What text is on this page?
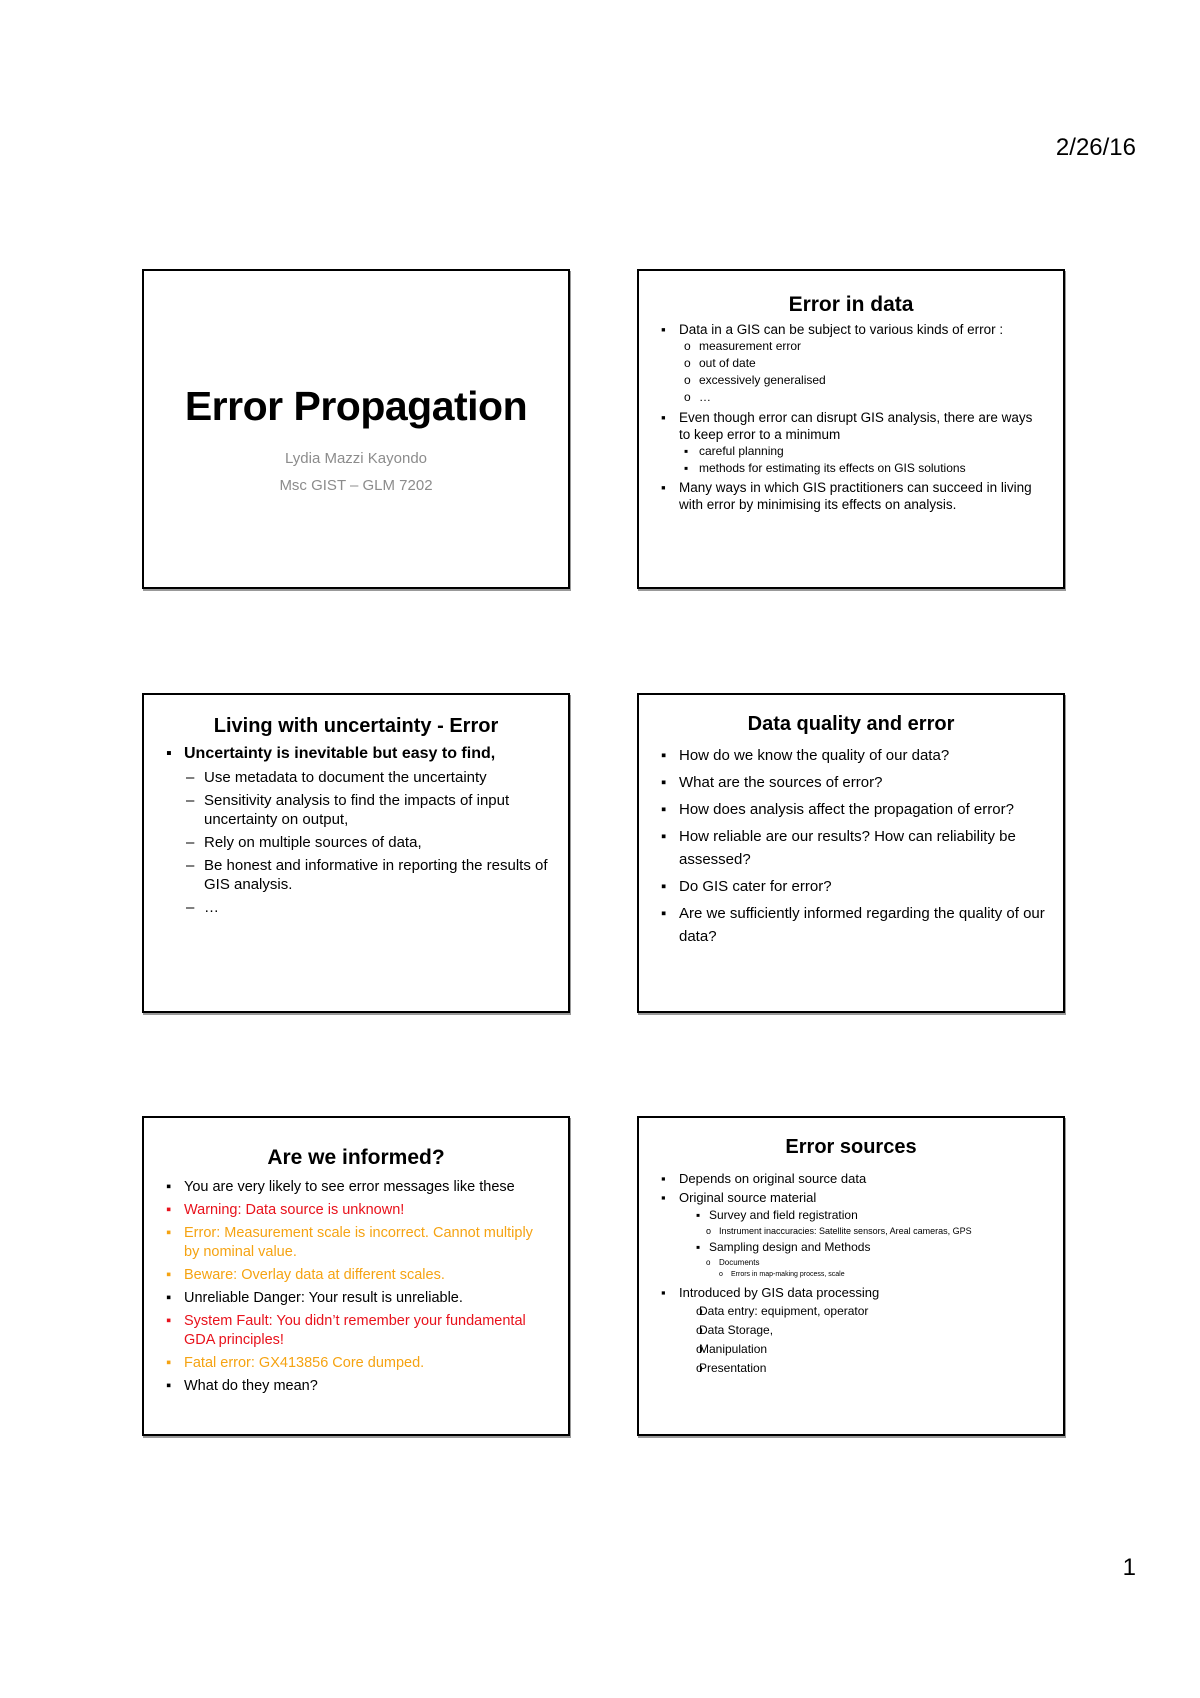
2/26/16
Error Propagation
Lydia Mazzi Kayondo
Msc GIST – GLM 7202
Error in data
▪ Data in a GIS can be subject to various kinds of error :
o measurement error
o out of date
o excessively generalised
o …
▪ Even though error can disrupt GIS analysis, there are ways to keep error to a minimum
▪ careful planning
▪ methods for estimating its effects on GIS solutions
▪ Many ways in which GIS practitioners can succeed in living with error by minimising its effects on analysis.
Living with uncertainty - Error
▪ Uncertainty is inevitable but easy to find,
– Use metadata to document the uncertainty
– Sensitivity analysis to find the impacts of input uncertainty on output,
– Rely on multiple sources of data,
– Be honest and informative in reporting the results of GIS analysis.
– …
Data quality and error
▪ How do we know the quality of our data?
▪ What are the sources of error?
▪ How does analysis affect the propagation of error?
▪ How reliable are our results? How can reliability be assessed?
▪ Do GIS cater for error?
▪ Are we sufficiently informed regarding the quality of our data?
Are we informed?
▪ You are very likely to see error messages like these
▪ Warning: Data source is unknown!
▪ Error: Measurement scale is incorrect. Cannot multiply by nominal value.
▪ Beware: Overlay data at different scales.
▪ Unreliable Danger: Your result is unreliable.
▪ System Fault: You didn’t remember your fundamental GDA principles!
▪ Fatal error: GX413856 Core dumped.
▪ What do they mean?
Error sources
▪ Depends on original source data
▪ Original source material
▪ Survey and field registration
o Instrument inaccuracies: Satellite sensors, Areal cameras, GPS
▪ Sampling design and Methods
o Documents
o Errors in map-making process, scale
▪ Introduced by GIS data processing
o Data entry: equipment, operator
o Data Storage,
o Manipulation
o Presentation
1
